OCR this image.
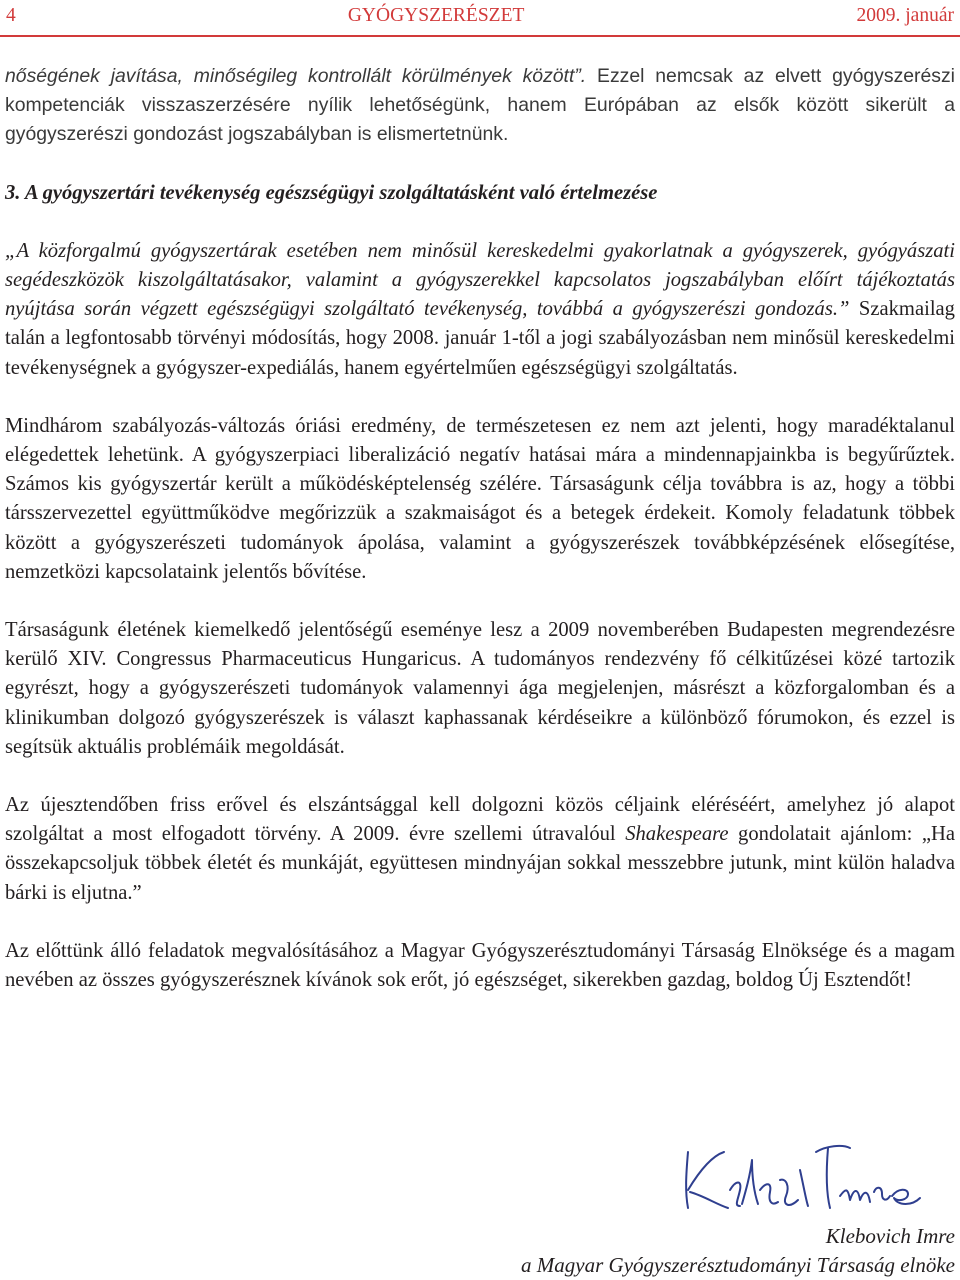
4	GYÓGYSZERÉSZET	2009. január

nőségének javítása, minőségileg kontrollált körülmények között”. Ezzel nemcsak az elvett gyógyszerészi kompetenciák visszaszerzésére nyílik lehetőségünk, hanem Európában az elsők között sikerült a gyógyszerészi gondozást jogszabályban is elismertetnünk.

3. A gyógyszertári tevékenység egészségügyi szolgáltatásként való értelmezése

„A közforgalmú gyógyszertárak esetében nem minősül kereskedelmi gyakorlatnak a gyógyszerek, gyógyászati segédeszközök kiszolgáltatásakor, valamint a gyógyszerekkel kapcsolatos jogszabályban előírt tájékoztatás nyújtása során végzett egészségügyi szolgáltató tevékenység, továbbá a gyógyszerészi gondozás.” Szakmailag talán a legfontosabb törvényi módosítás, hogy 2008. január 1-től a jogi szabályozásban nem minősül kereskedelmi tevékenységnek a gyógyszer-expediálás, hanem egyértelműen egészségügyi szolgáltatás.

Mindhárom szabályozás-változás óriási eredmény, de természetesen ez nem azt jelenti, hogy maradéktalanul elégedettek lehetünk. A gyógyszerpiaci liberalizáció negatív hatásai mára a mindennapjainkba is begyűrűztek. Számos kis gyógyszertár került a működésképtelenség szélére. Társaságunk célja továbbra is az, hogy a többi társszervezettel együttműködve megőrizzük a szakmaiságot és a betegek érdekeit. Komoly feladatunk többek között a gyógyszerészeti tudományok ápolása, valamint a gyógyszerészek továbbképzésének elősegítése, nemzetközi kapcsolataink jelentős bővítése.

Társaságunk életének kiemelkedő jelentőségű eseménye lesz a 2009 novemberében Budapesten megrendezésre kerülő XIV. Congressus Pharmaceuticus Hungaricus. A tudományos rendezvény fő célkitűzései közé tartozik egyrészt, hogy a gyógyszerészeti tudományok valamennyi ága megjelenjen, másrészt a közforgalomban és a klinikumban dolgozó gyógyszerészek is választ kaphassanak kérdéseikre a különböző fórumokon, és ezzel is segítsük aktuális problémáik megoldását.

Az újesztendőben friss erővel és elszántsággal kell dolgozni közös céljaink eléréséért, amelyhez jó alapot szolgáltat a most elfogadott törvény. A 2009. évre szellemi útravalóul Shakespeare gondolatait ajánlom: „Ha összekapcsoljuk többek életét és munkáját, együttesen mindnyájan sokkal messzebbre jutunk, mint külön haladva bárki is eljutna.”

Az előttünk álló feladatok megvalósításához a Magyar Gyógyszerésztudományi Társaság Elnöksége és a magam nevében az összes gyógyszerésznek kívánok sok erőt, jó egészséget, sikerekben gazdag, boldog Új Esztendőt!

Klebovich Imre
a Magyar Gyógyszerésztudományi Társaság elnöke
